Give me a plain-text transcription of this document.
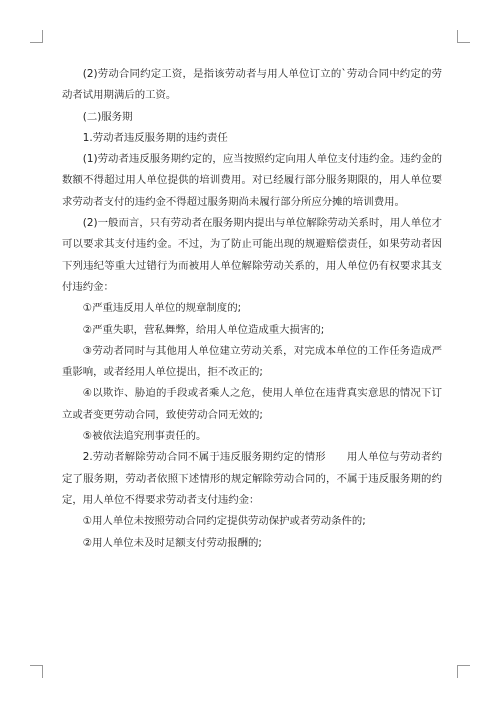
(2)劳动合同约定工资，是指该劳动者与用人单位订立的`劳动合同中约定的劳动者试用期满后的工资。

(二)服务期

1.劳动者违反服务期的违约责任

(1)劳动者违反服务期约定的，应当按照约定向用人单位支付违约金。违约金的数额不得超过用人单位提供的培训费用。对已经履行部分服务期限的，用人单位要求劳动者支付的违约金不得超过服务期尚未履行部分所应分摊的培训费用。

(2)一般而言，只有劳动者在服务期内提出与单位解除劳动关系时，用人单位才可以要求其支付违约金。不过，为了防止可能出现的规避赔偿责任，如果劳动者因下列违纪等重大过错行为而被用人单位解除劳动关系的，用人单位仍有权要求其支付违约金：

①严重违反用人单位的规章制度的;

②严重失职，营私舞弊，给用人单位造成重大损害的;

③劳动者同时与其他用人单位建立劳动关系，对完成本单位的工作任务造成严重影响，或者经用人单位提出，拒不改正的;

④以欺诈、胁迫的手段或者乘人之危，使用人单位在违背真实意思的情况下订立或者变更劳动合同，致使劳动合同无效的;

⑤被依法追究刑事责任的。

2.劳动者解除劳动合同不属于违反服务期约定的情形　　用人单位与劳动者约定了服务期，劳动者依照下述情形的规定解除劳动合同的，不属于违反服务期的约定，用人单位不得要求劳动者支付违约金：

①用人单位未按照劳动合同约定提供劳动保护或者劳动条件的;

②用人单位未及时足额支付劳动报酬的;
